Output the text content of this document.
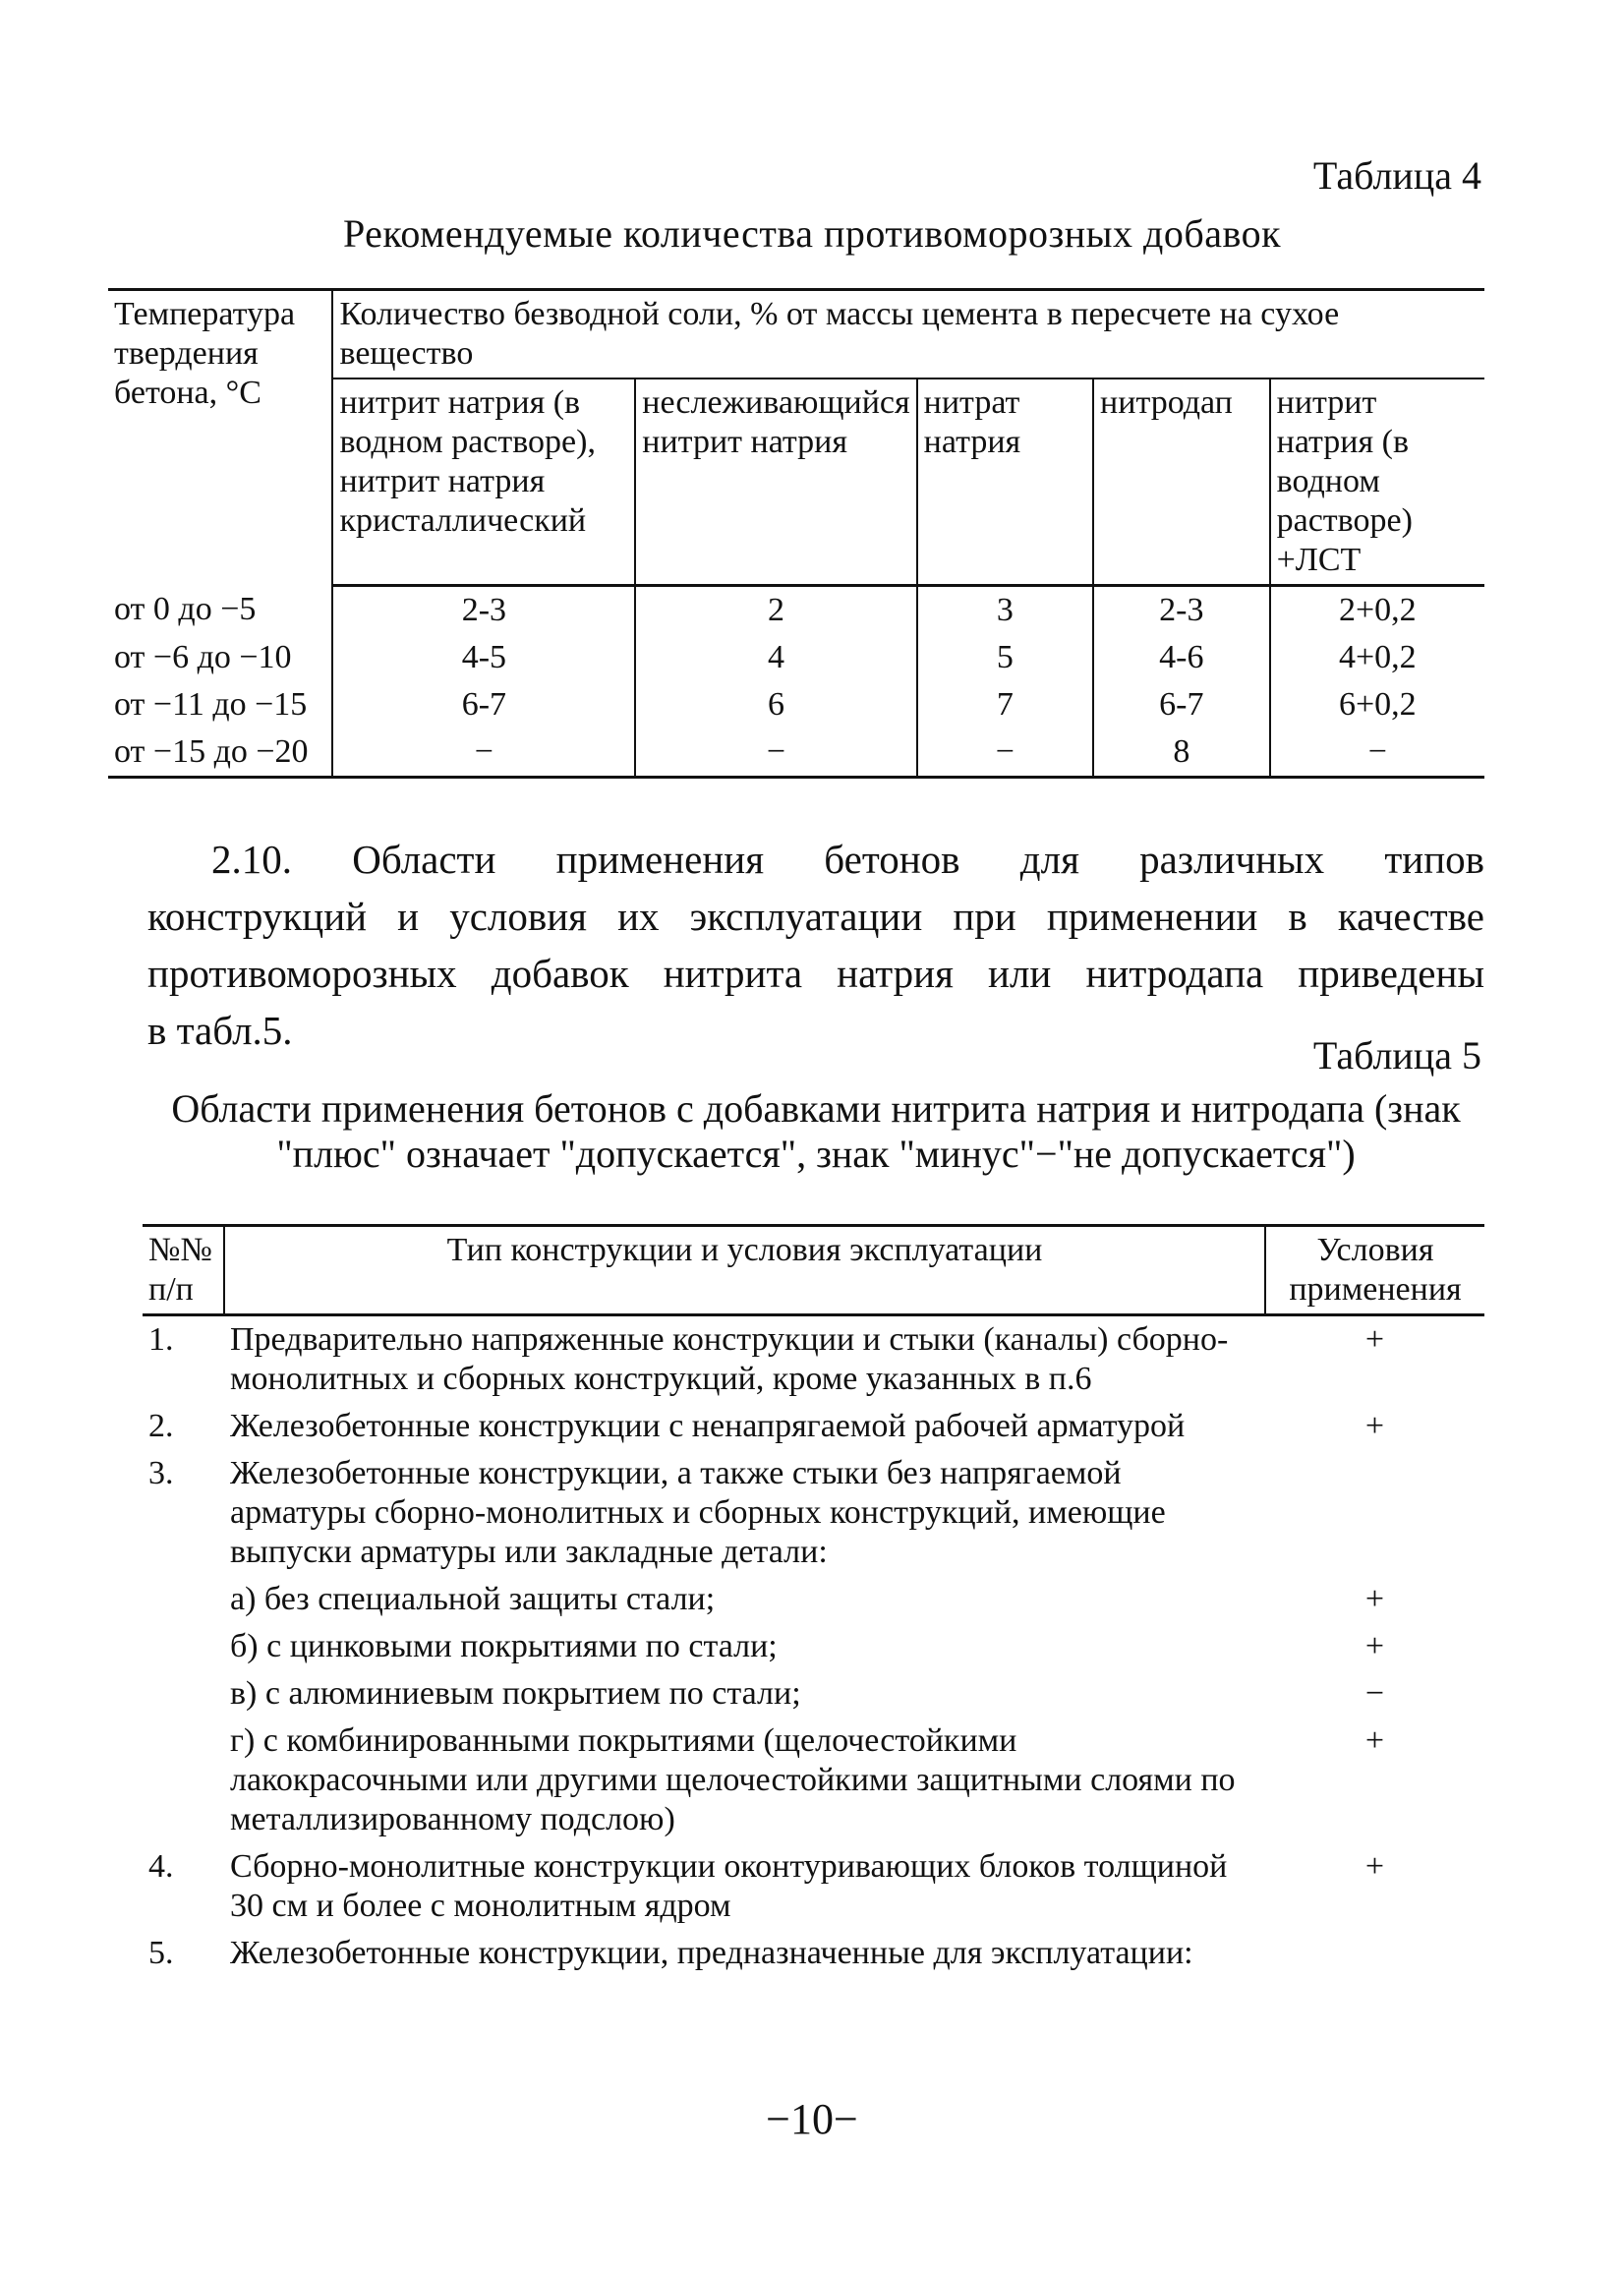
Таблица 4
Рекомендуемые количества противоморозных добавок
Температура твердения бетона, °С	Количество безводной соли, % от массы цемента в пересчете на сухое вещество				
	нитрит натрия (в водном растворе), нитрит натрия кристаллический	неслеживающийся нитрит натрия	нитрат натрия	нитродап	нитрит натрия (в водном растворе) +ЛСТ
от 0 до −5	2-3	2	3	2-3	2+0,2
от −6 до −10	4-5	4	5	4-6	4+0,2
от −11 до −15	6-7	6	7	6-7	6+0,2
от −15 до −20	−	−	−	8	−
2.10. Области применения бетонов для различных типов
конструкций и условия их эксплуатации при применении в качестве
противоморозных добавок нитрита натрия или нитродапа приведены
в табл.5.
Таблица 5
Области применения бетонов с добавками нитрита натрия и нитродапа (знак "плюс" означает "допускается", знак "минус"−"не допускается")
№№ п/п	Тип конструкции и условия эксплуатации	Условия применения
1.	Предварительно напряженные конструкции и стыки (каналы) сборно-монолитных и сборных конструкций, кроме указанных в п.6	+
2.	Железобетонные конструкции с ненапрягаемой рабочей арматурой	+
3.	Железобетонные конструкции, а также стыки без напрягаемой арматуры сборно-монолитных и сборных конструкций, имеющие выпуски арматуры или закладные детали:	
	а) без специальной защиты стали;	+
	б) с цинковыми покрытиями по стали;	+
	в) с алюминиевым покрытием по стали;	−
	г) с комбинированными покрытиями (щелочестойкими лакокрасочными или другими щелочестойкими защитными слоями по металлизированному подслою)	+
4.	Сборно-монолитные конструкции оконтуривающих блоков толщиной 30 см и более с монолитным ядром	+
5.	Железобетонные конструкции, предназначенные для эксплуатации:	
−10−
